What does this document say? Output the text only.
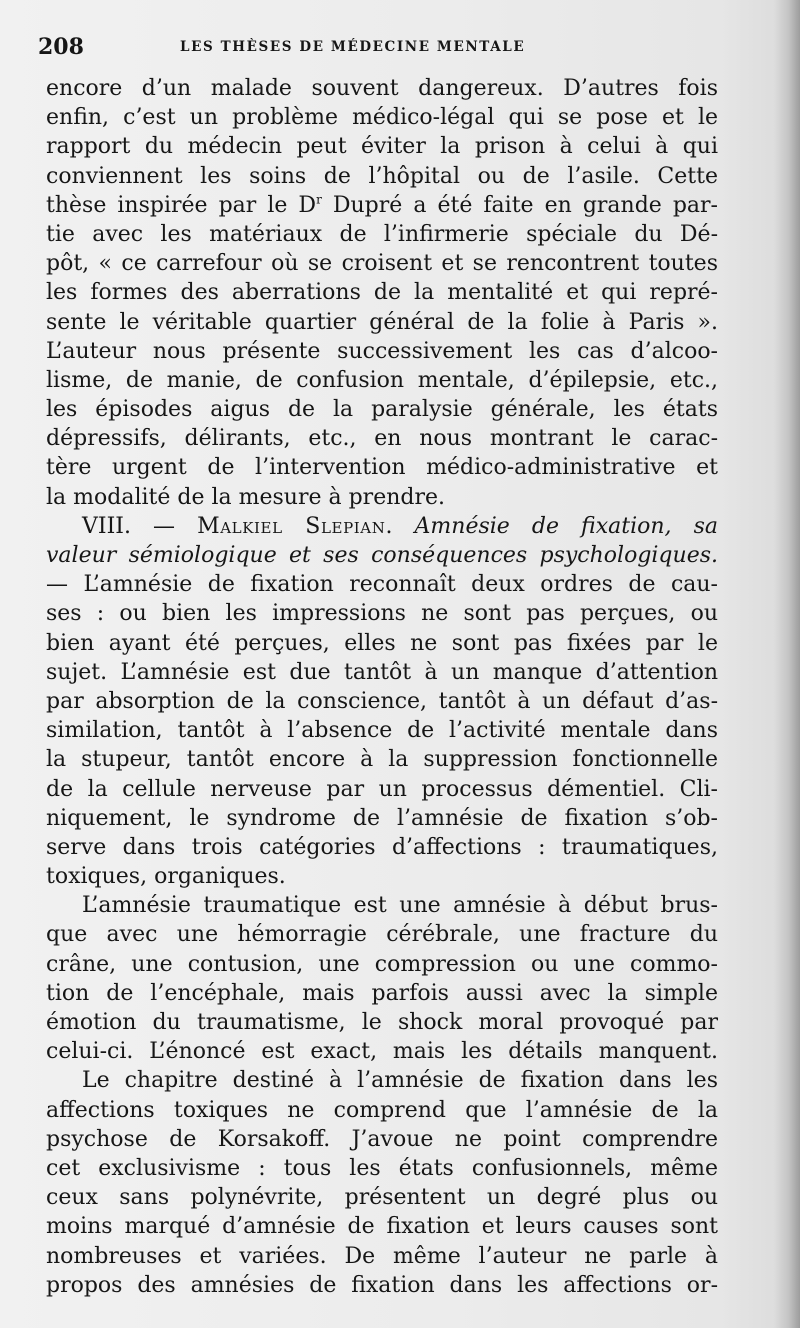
208	LES THÈSES DE MÉDECINE MENTALE
encore d’un malade souvent dangereux. D’autres fois
enfin, c’est un problème médico-légal qui se pose et le
rapport du médecin peut éviter la prison à celui à qui
conviennent les soins de l’hôpital ou de l’asile. Cette
thèse inspirée par le $D^r$ Dupré a été faite en grande par-
tie avec les matériaux de l’infirmerie spéciale du Dé-
pôt, « ce carrefour où se croisent et se rencontrent toutes
les formes des aberrations de la mentalité et qui repré-
sente le véritable quartier général de la folie à Paris ».
L’auteur nous présente successivement les cas d’alcoo-
lisme, de manie, de confusion mentale, d’épilepsie, etc.,
les épisodes aigus de la paralysie générale, les états
dépressifs, délirants, etc., en nous montrant le carac-
tère urgent de l’intervention médico-administrative et
la modalité de la mesure à prendre.
VIII. — Malkiel Slepian. Amnésie de fixation, sa
valeur sémiologique et ses conséquences psychologiques.
— L’amnésie de fixation reconnaît deux ordres de cau-
ses : ou bien les impressions ne sont pas perçues, ou
bien ayant été perçues, elles ne sont pas fixées par le
sujet. L’amnésie est due tantôt à un manque d’attention
par absorption de la conscience, tantôt à un défaut d’as-
similation, tantôt à l’absence de l’activité mentale dans
la stupeur, tantôt encore à la suppression fonctionnelle
de la cellule nerveuse par un processus démentiel. Cli-
niquement, le syndrome de l’amnésie de fixation s’ob-
serve dans trois catégories d’affections : traumatiques,
toxiques, organiques.
L’amnésie traumatique est une amnésie à début brus-
que avec une hémorragie cérébrale, une fracture du
crâne, une contusion, une compression ou une commo-
tion de l’encéphale, mais parfois aussi avec la simple
émotion du traumatisme, le shock moral provoqué par
celui-ci. L’énoncé est exact, mais les détails manquent.
Le chapitre destiné à l’amnésie de fixation dans les
affections toxiques ne comprend que l’amnésie de la
psychose de Korsakoff. J’avoue ne point comprendre
cet exclusivisme : tous les états confusionnels, même
ceux sans polynévrite, présentent un degré plus ou
moins marqué d’amnésie de fixation et leurs causes sont
nombreuses et variées. De même l’auteur ne parle à
propos des amnésies de fixation dans les affections or-
